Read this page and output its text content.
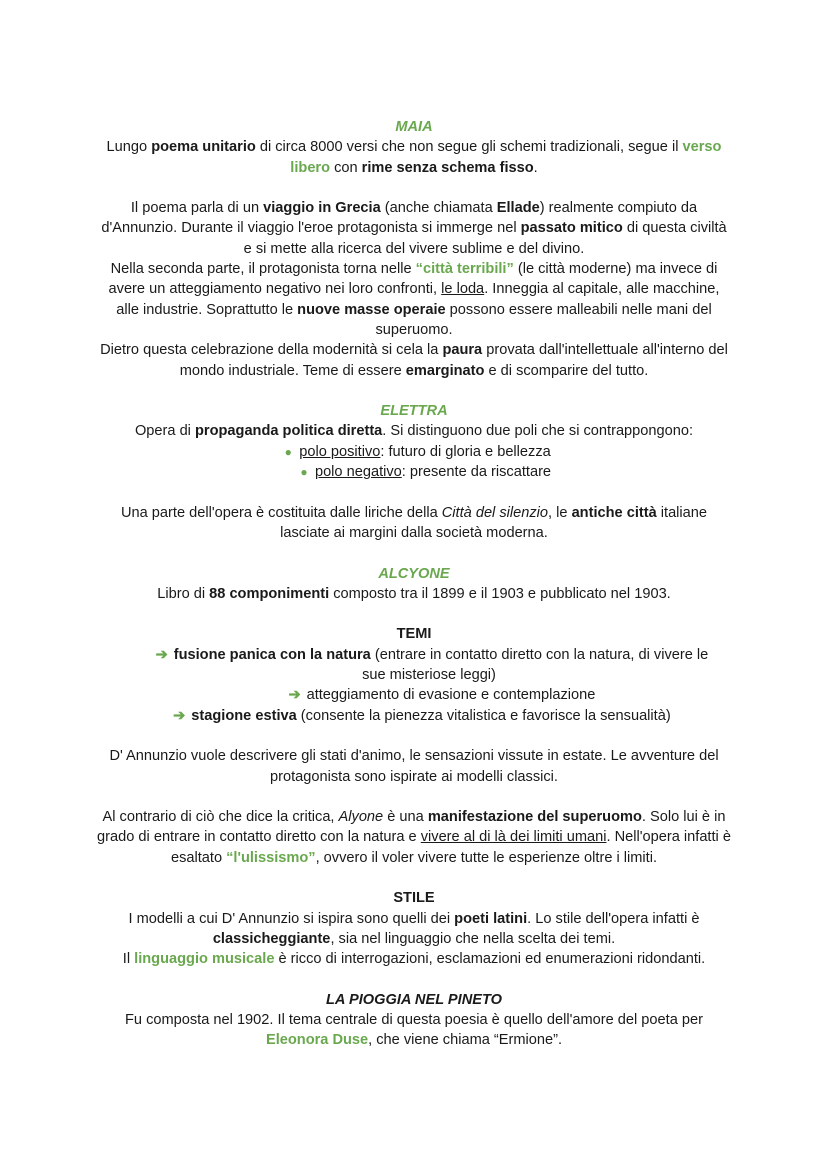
MAIA

Lungo poema unitario di circa 8000 versi che non segue gli schemi tradizionali, segue il verso libero con rime senza schema fisso.

Il poema parla di un viaggio in Grecia (anche chiamata Ellade) realmente compiuto da d'Annunzio. Durante il viaggio l'eroe protagonista si immerge nel passato mitico di questa civiltà e si mette alla ricerca del vivere sublime e del divino.

Nella seconda parte, il protagonista torna nelle “città terribili” (le città moderne) ma invece di avere un atteggiamento negativo nei loro confronti, le loda. Inneggia al capitale, alle macchine, alle industrie. Soprattutto le nuove masse operaie possono essere malleabili nelle mani del superuomo.

Dietro questa celebrazione della modernità si cela la paura provata dall'intellettuale all'interno del mondo industriale. Teme di essere emarginato e di scomparire del tutto.

ELETTRA

Opera di propaganda politica diretta. Si distinguono due poli che si contrappongono:

● polo positivo: futuro di gloria e bellezza
● polo negativo: presente da riscattare

Una parte dell'opera è costituita dalle liriche della Città del silenzio, le antiche città italiane lasciate ai margini dalla società moderna.

ALCYONE

Libro di 88 componimenti composto tra il 1899 e il 1903 e pubblicato nel 1903.

TEMI

➔ fusione panica con la natura (entrare in contatto diretto con la natura, di vivere le

sue misteriose leggi)

➔ atteggiamento di evasione e contemplazione

➔ stagione estiva (consente la pienezza vitalistica e favorisce la sensualità)

D' Annunzio vuole descrivere gli stati d'animo, le sensazioni vissute in estate. Le avventure del protagonista sono ispirate ai modelli classici.

Al contrario di ciò che dice la critica, Alyone è una manifestazione del superuomo. Solo lui è in grado di entrare in contatto diretto con la natura e vivere al di là dei limiti umani. Nell'opera infatti è esaltato “l'ulissismo”, ovvero il voler vivere tutte le esperienze oltre i limiti.

STILE

I modelli a cui D' Annunzio si ispira sono quelli dei poeti latini. Lo stile dell'opera infatti è classicheggiante, sia nel linguaggio che nella scelta dei temi.

Il linguaggio musicale è ricco di interrogazioni, esclamazioni ed enumerazioni ridondanti.

LA PIOGGIA NEL PINETO

Fu composta nel 1902. Il tema centrale di questa poesia è quello dell'amore del poeta per Eleonora Duse, che viene chiama “Ermione”.
